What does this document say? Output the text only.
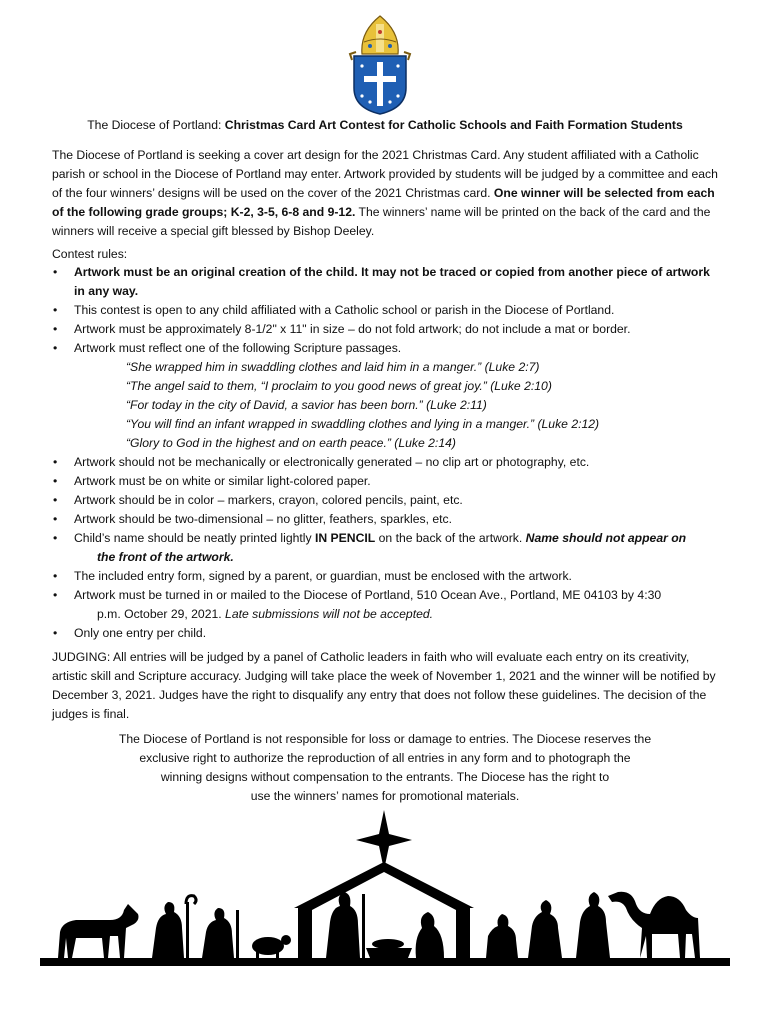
The Diocese of Portland: Christmas Card Art Contest for Catholic Schools and Faith Formation Students
The Diocese of Portland is seeking a cover art design for the 2021 Christmas Card. Any student affiliated with a Catholic parish or school in the Diocese of Portland may enter. Artwork provided by students will be judged by a committee and each of the four winners’ designs will be used on the cover of the 2021 Christmas card. One winner will be selected from each of the following grade groups; K-2, 3-5, 6-8 and 9-12. The winners’ name will be printed on the back of the card and the winners will receive a special gift blessed by Bishop Deeley.
Contest rules:
• Artwork must be an original creation of the child. It may not be traced or copied from another piece of artwork in any way.
• This contest is open to any child affiliated with a Catholic school or parish in the Diocese of Portland.
• Artwork must be approximately 8-1/2" x 11" in size – do not fold artwork; do not include a mat or border.
• Artwork must reflect one of the following Scripture passages.
“She wrapped him in swaddling clothes and laid him in a manger.” (Luke 2:7)
“The angel said to them, “I proclaim to you good news of great joy.” (Luke 2:10)
“For today in the city of David, a savior has been born.” (Luke 2:11)
“You will find an infant wrapped in swaddling clothes and lying in a manger.” (Luke 2:12)
“Glory to God in the highest and on earth peace.” (Luke 2:14)
• Artwork should not be mechanically or electronically generated – no clip art or photography, etc.
• Artwork must be on white or similar light-colored paper.
• Artwork should be in color – markers, crayon, colored pencils, paint, etc.
• Artwork should be two-dimensional – no glitter, feathers, sparkles, etc.
• Child’s name should be neatly printed lightly IN PENCIL on the back of the artwork. Name should not appear on
the front of the artwork.
• The included entry form, signed by a parent, or guardian, must be enclosed with the artwork.
• Artwork must be turned in or mailed to the Diocese of Portland, 510 Ocean Ave., Portland, ME 04103 by 4:30
p.m. October 29, 2021. Late submissions will not be accepted.
• Only one entry per child.
JUDGING: All entries will be judged by a panel of Catholic leaders in faith who will evaluate each entry on its creativity, artistic skill and Scripture accuracy. Judging will take place the week of November 1, 2021 and the winner will be notified by December 3, 2021. Judges have the right to disqualify any entry that does not follow these guidelines. The decision of the judges is final.
The Diocese of Portland is not responsible for loss or damage to entries. The Diocese reserves the
exclusive right to authorize the reproduction of all entries in any form and to photograph the
winning designs without compensation to the entrants. The Diocese has the right to
use the winners’ names for promotional materials.
